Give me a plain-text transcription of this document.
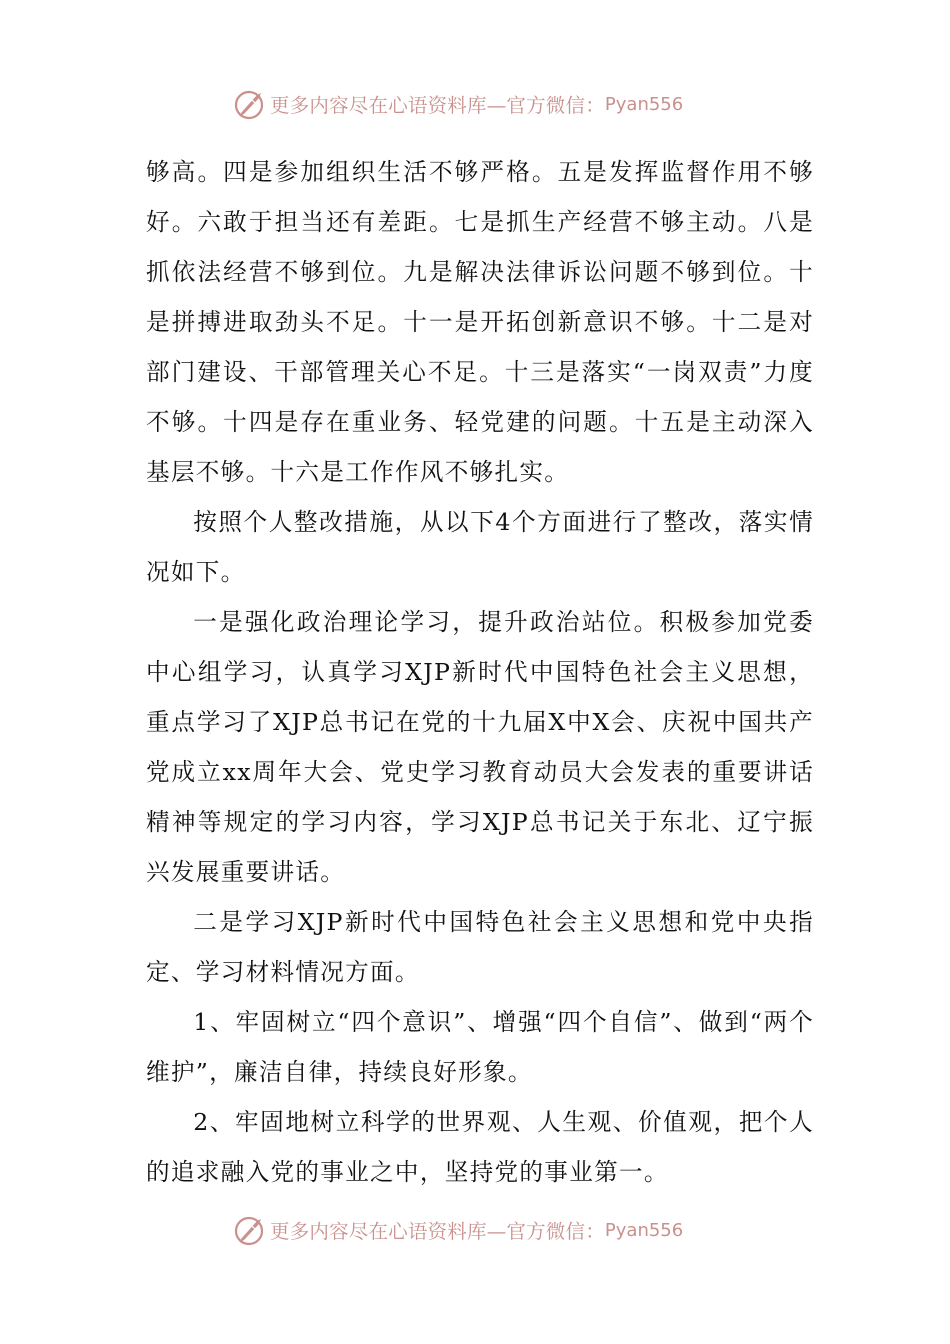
更多内容尽在心语资料库—官方微信： Pyan556

够高。四是参加组织生活不够严格。五是发挥监督作用不够好。六敢于担当还有差距。七是抓生产经营不够主动。八是抓依法经营不够到位。九是解决法律诉讼问题不够到位。十是拼搏进取劲头不足。十一是开拓创新意识不够。十二是对部门建设、干部管理关心不足。十三是落实“一岗双责”力度不够。十四是存在重业务、轻党建的问题。十五是主动深入基层不够。十六是工作作风不够扎实。

按照个人整改措施，从以下4个方面进行了整改，落实情况如下。

一是强化政治理论学习，提升政治站位。积极参加党委中心组学习，认真学习XJP新时代中国特色社会主义思想，重点学习了XJP总书记在党的十九届X中X会、庆祝中国共产党成立xx周年大会、党史学习教育动员大会发表的重要讲话精神等规定的学习内容，学习XJP总书记关于东北、辽宁振兴发展重要讲话。

二是学习XJP新时代中国特色社会主义思想和党中央指定、学习材料情况方面。

1、牢固树立“四个意识”、增强“四个自信”、做到“两个维护”，廉洁自律，持续良好形象。

2、牢固地树立科学的世界观、人生观、价值观，把个人的追求融入党的事业之中，坚持党的事业第一。

更多内容尽在心语资料库—官方微信： Pyan556
